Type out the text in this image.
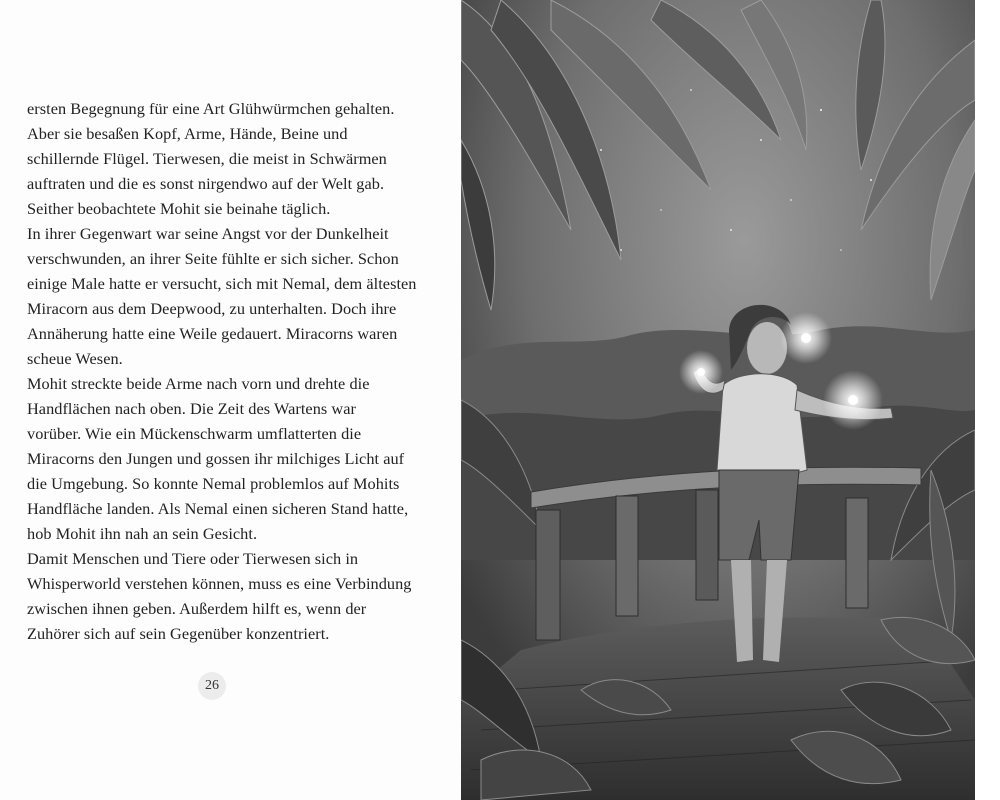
ersten Begegnung für eine Art Glühwürmchen gehalten.
Aber sie besaßen Kopf, Arme, Hände, Beine und
schillernde Flügel. Tierwesen, die meist in Schwärmen
auftraten und die es sonst nirgendwo auf der Welt gab.
Seither beobachtete Mohit sie beinahe täglich.
In ihrer Gegenwart war seine Angst vor der Dunkelheit
verschwunden, an ihrer Seite fühlte er sich sicher. Schon
einige Male hatte er versucht, sich mit Nemal, dem ältesten
Miracorn aus dem Deepwood, zu unterhalten. Doch ihre
Annäherung hatte eine Weile gedauert. Miracorns waren
scheue Wesen.
Mohit streckte beide Arme nach vorn und drehte die
Handflächen nach oben. Die Zeit des Wartens war
vorüber. Wie ein Mückenschwarm umflatterten die
Miracorns den Jungen und gossen ihr milchiges Licht auf
die Umgebung. So konnte Nemal problemlos auf Mohits
Handfläche landen. Als Nemal einen sicheren Stand hatte,
hob Mohit ihn nah an sein Gesicht.
Damit Menschen und Tiere oder Tierwesen sich in
Whisperworld verstehen können, muss es eine Verbindung
zwischen ihnen geben. Außerdem hilft es, wenn der
Zuhörer sich auf sein Gegenüber konzentriert.
26
